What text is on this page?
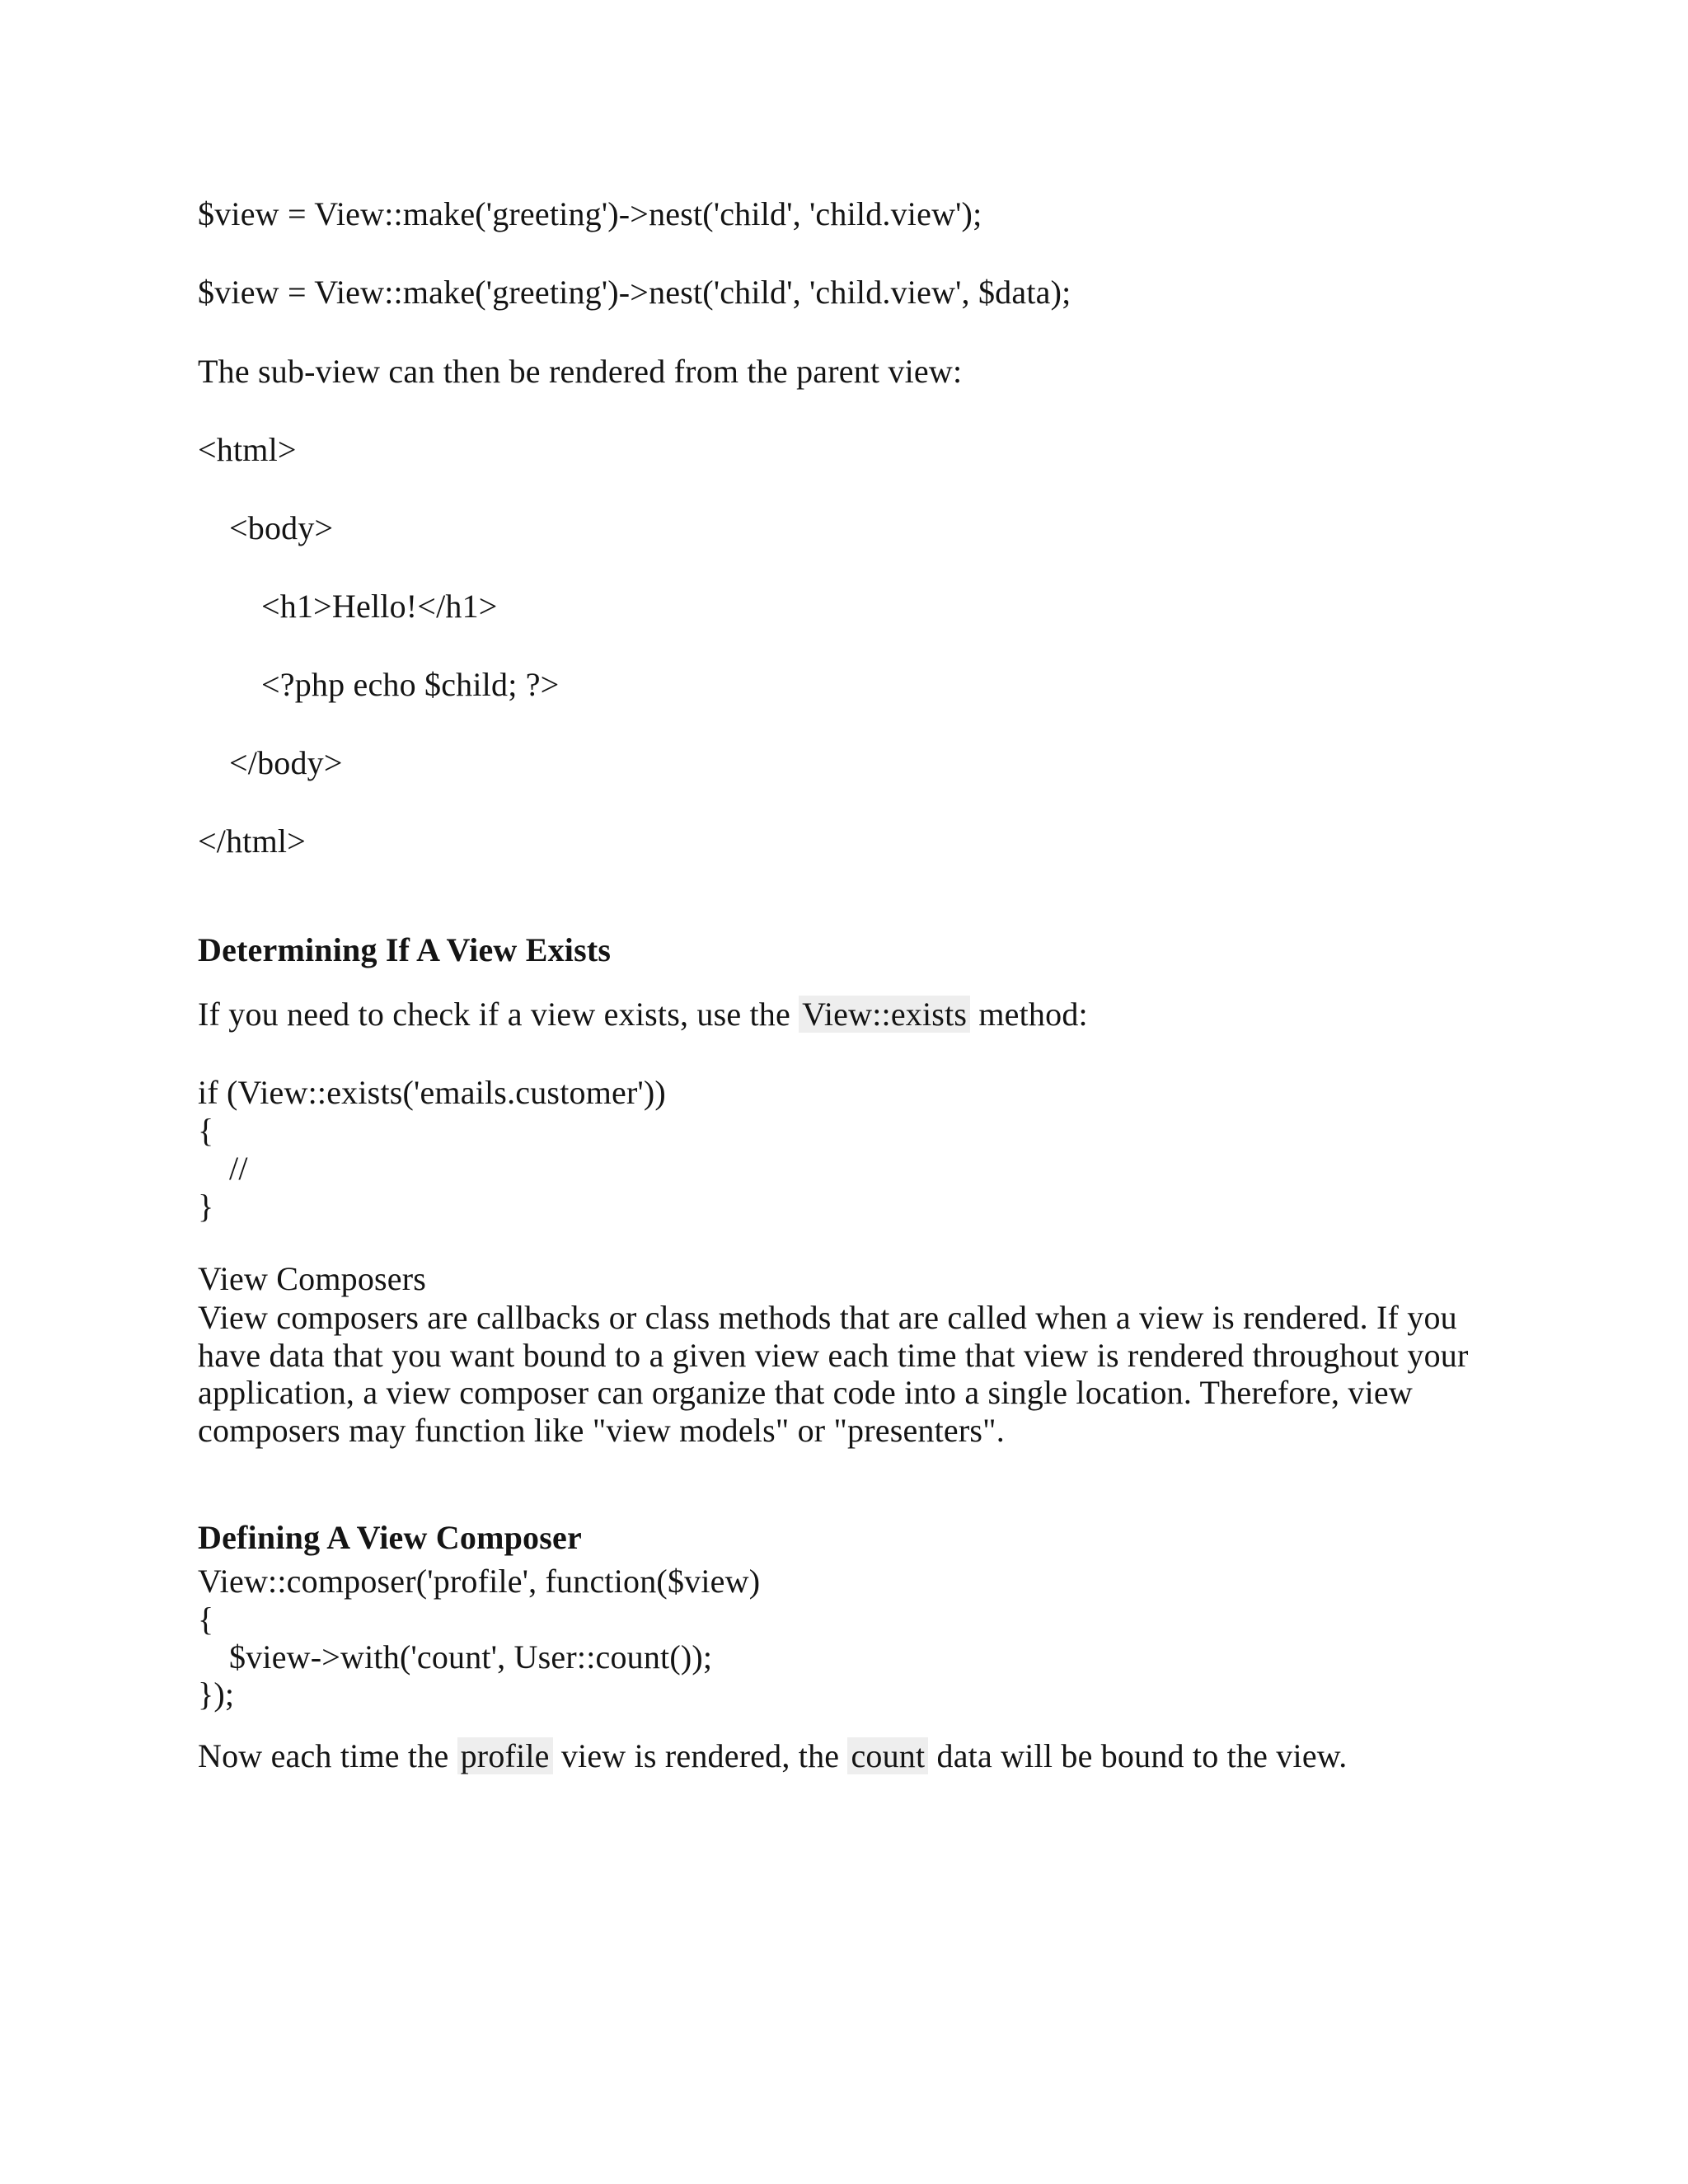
$view = View::make('greeting')->nest('child', 'child.view');
$view = View::make('greeting')->nest('child', 'child.view', $data);
The sub-view can then be rendered from the parent view:
<html>
<body>
<h1>Hello!</h1>
<?php echo $child; ?>
</body>
</html>
Determining If A View Exists
If you need to check if a view exists, use the View::exists method:
if (View::exists('emails.customer'))
{
//
}
View Composers
View composers are callbacks or class methods that are called when a view is rendered. If you
have data that you want bound to a given view each time that view is rendered throughout your
application, a view composer can organize that code into a single location. Therefore, view
composers may function like "view models" or "presenters".
Defining A View Composer
View::composer('profile', function($view)
{
$view->with('count', User::count());
});
Now each time the profile view is rendered, the count data will be bound to the view.
